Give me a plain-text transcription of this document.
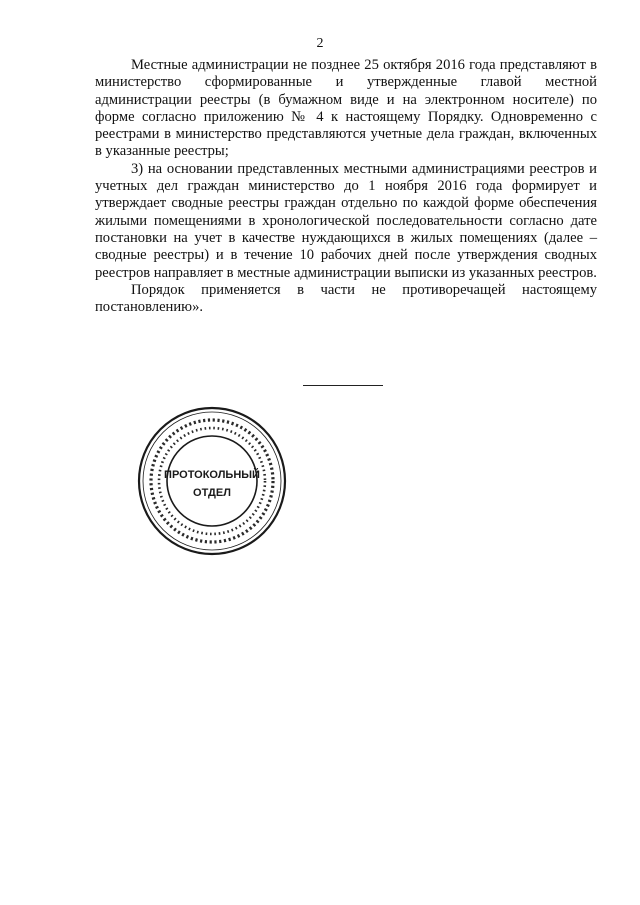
2

Местные администрации не позднее 25 октября 2016 года представляют в министерство сформированные и утвержденные главой местной администрации реестры (в бумажном виде и на электронном носителе) по форме согласно приложению № 4 к настоящему Порядку. Одновременно с реестрами в министерство представляются учетные дела граждан, включенных в указанные реестры;

3) на основании представленных местными администрациями реестров и учетных дел граждан министерство до 1 ноября 2016 года формирует и утверждает сводные реестры граждан отдельно по каждой форме обеспечения жилыми помещениями в хронологической последовательности согласно дате постановки на учет в качестве нуждающихся в жилых помещениях (далее – сводные реестры) и в течение 10 рабочих дней после утверждения сводных реестров направляет в местные администрации выписки из указанных реестров.

Порядок применяется в части не противоречащей настоящему постановлению».

ПРОТОКОЛЬНЫЙ
ОТДЕЛ
